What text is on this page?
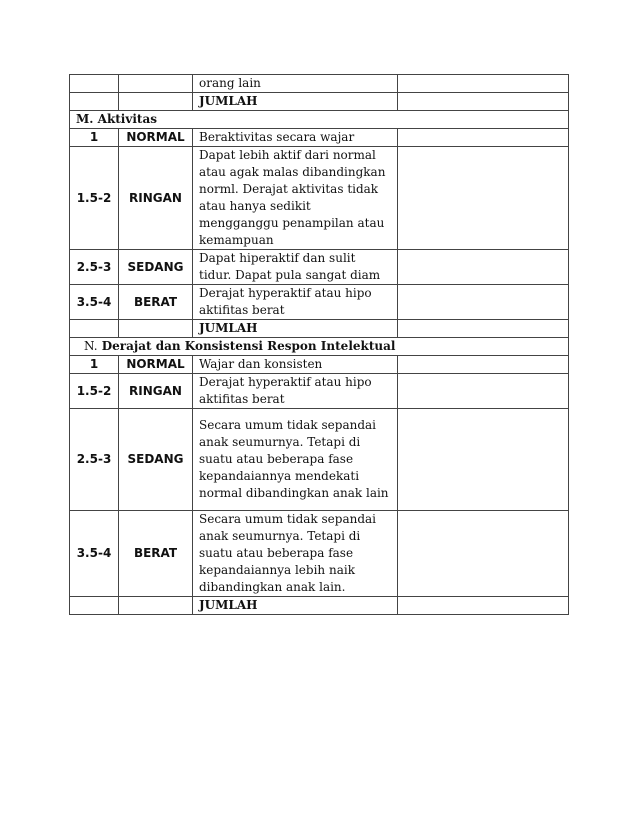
		orang lain	
		JUMLAH	
M. Aktivitas			
1	NORMAL	Beraktivitas secara wajar	
1.5-2	RINGAN	Dapat lebih aktif dari normal atau agak malas dibandingkan norml. Derajat aktivitas tidak atau hanya sedikit mengganggu penampilan atau kemampuan	
2.5-3	SEDANG	Dapat hiperaktif dan sulit tidur. Dapat pula sangat diam	
3.5-4	BERAT	Derajat hyperaktif atau hipo aktifitas berat	
		JUMLAH	
N. Derajat dan Konsistensi Respon Intelektual			
1	NORMAL	Wajar dan konsisten	
1.5-2	RINGAN	Derajat hyperaktif atau hipo aktifitas berat	
2.5-3	SEDANG	Secara umum tidak sepandai anak seumurnya. Tetapi di suatu atau beberapa fase kepandaiannya mendekati normal dibandingkan anak lain	
3.5-4	BERAT	Secara umum tidak sepandai anak seumurnya. Tetapi di suatu atau beberapa fase kepandaiannya lebih naik dibandingkan anak lain.	
		JUMLAH	
